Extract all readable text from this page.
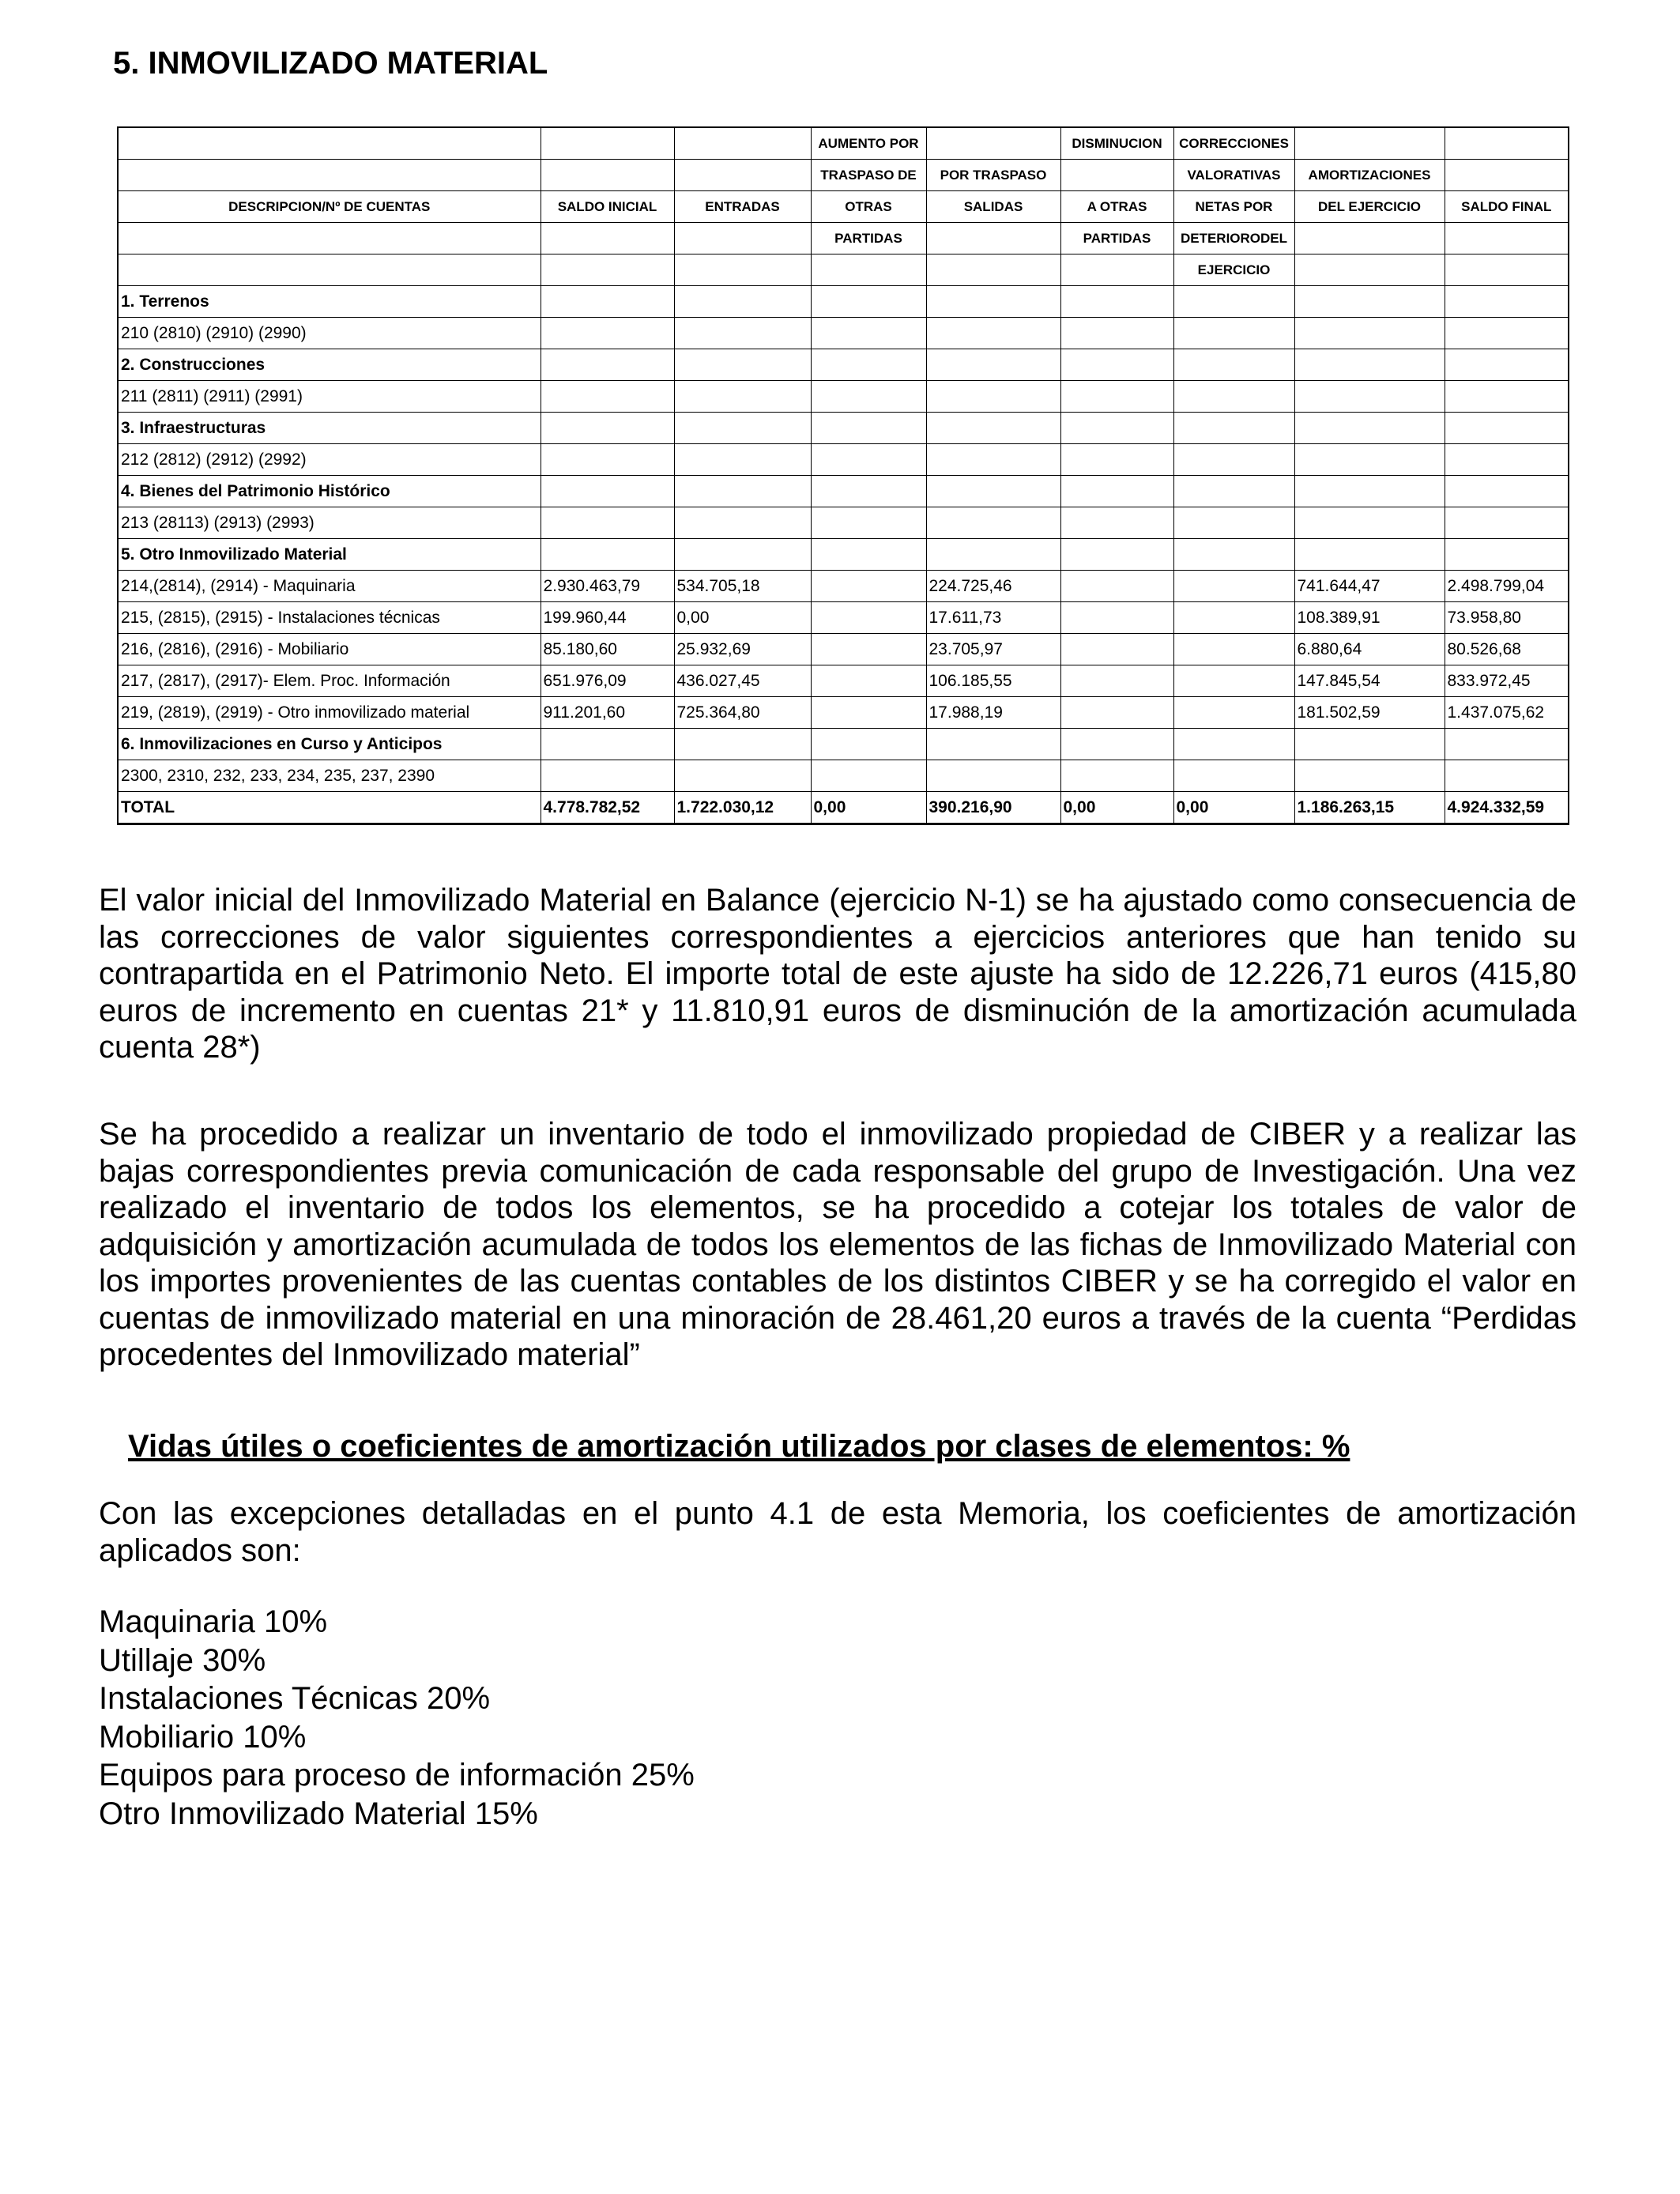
5. INMOVILIZADO MATERIAL
			AUMENTO POR		DISMINUCION	CORRECCIONES		
			TRASPASO DE	POR TRASPASO		VALORATIVAS	AMORTIZACIONES	
DESCRIPCION/Nº DE CUENTAS	SALDO INICIAL	ENTRADAS	OTRAS	SALIDAS	A OTRAS	NETAS POR	DEL EJERCICIO	SALDO FINAL
			PARTIDAS		PARTIDAS	DETERIORODEL		
						EJERCICIO		
1. Terrenos								
210 (2810) (2910) (2990)								
2. Construcciones								
211 (2811) (2911) (2991)								
3. Infraestructuras								
212 (2812) (2912) (2992)								
4. Bienes del Patrimonio Histórico								
213 (28113) (2913) (2993)								
5. Otro Inmovilizado Material								
214,(2814), (2914) - Maquinaria	2.930.463,79	534.705,18		224.725,46			741.644,47	2.498.799,04
215, (2815), (2915) - Instalaciones técnicas	199.960,44	0,00		17.611,73			108.389,91	73.958,80
216, (2816), (2916) - Mobiliario	85.180,60	25.932,69		23.705,97			6.880,64	80.526,68
217, (2817), (2917)- Elem. Proc. Información	651.976,09	436.027,45		106.185,55			147.845,54	833.972,45
219, (2819), (2919) - Otro inmovilizado material	911.201,60	725.364,80		17.988,19			181.502,59	1.437.075,62
6. Inmovilizaciones en Curso y Anticipos								
2300, 2310, 232, 233, 234, 235, 237, 2390								
TOTAL	4.778.782,52	1.722.030,12	0,00	390.216,90	0,00	0,00	1.186.263,15	4.924.332,59
El valor inicial del Inmovilizado Material en Balance (ejercicio N-1) se ha ajustado como consecuencia de las correcciones de valor siguientes correspondientes a ejercicios anteriores que han tenido su contrapartida en el Patrimonio Neto. El importe total de este ajuste ha sido de 12.226,71 euros (415,80 euros de incremento en cuentas 21* y 11.810,91 euros de disminución de la amortización acumulada cuenta 28*)
Se ha procedido a realizar un inventario de todo el inmovilizado propiedad de CIBER y a realizar las bajas correspondientes previa comunicación de cada responsable del grupo de Investigación. Una vez realizado el inventario de todos los elementos, se ha procedido a cotejar los totales de valor de adquisición y amortización acumulada de todos los elementos de las fichas de Inmovilizado Material con los importes provenientes de las cuentas contables de los distintos CIBER y se ha corregido el valor en cuentas de inmovilizado material en una minoración de 28.461,20 euros a través de la cuenta “Perdidas procedentes del Inmovilizado material”
Vidas útiles o coeficientes de amortización utilizados por clases de elementos: %
Con las excepciones detalladas en el punto 4.1 de esta Memoria, los coeficientes de amortización aplicados son:
Maquinaria 10%
Utillaje 30%
Instalaciones Técnicas 20%
Mobiliario 10%
Equipos para proceso de información 25%
Otro Inmovilizado Material 15%
